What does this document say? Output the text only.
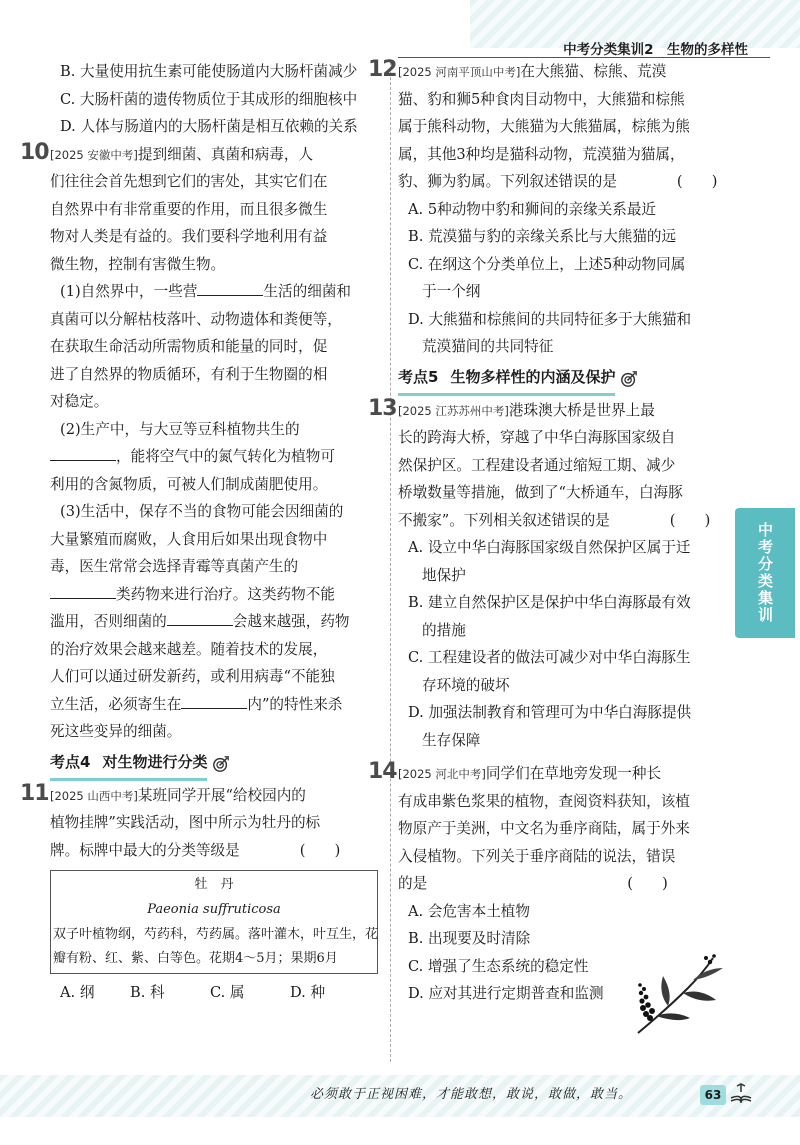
中考分类集训2　生物的多样性
B. 大量使用抗生素可能使肠道内大肠杆菌减少
C. 大肠杆菌的遗传物质位于其成形的细胞核中
D. 人体与肠道内的大肠杆菌是相互依赖的关系
10 [2025 安徽中考]提到细菌、真菌和病毒，人
们往往会首先想到它们的害处，其实它们在
自然界中有非常重要的作用，而且很多微生
物对人类是有益的。我们要科学地利用有益
微生物，控制有害微生物。
(1)自然界中，一些营	生活的细菌和
真菌可以分解枯枝落叶、动物遗体和粪便等，
在获取生命活动所需物质和能量的同时，促
进了自然界的物质循环，有利于生物圈的相
对稳定。
(2)生产中，与大豆等豆科植物共生的
，能将空气中的氮气转化为植物可
利用的含氮物质，可被人们制成菌肥使用。
(3)生活中，保存不当的食物可能会因细菌的
大量繁殖而腐败，人食用后如果出现食物中
毒，医生常常会选择青霉等真菌产生的
类药物来进行治疗。这类药物不能
滥用，否则细菌的	会越来越强，药物
的治疗效果会越来越差。随着技术的发展，
人们可以通过研发新药，或利用病毒“不能独
立生活，必须寄生在	内”的特性来杀
死这些变异的细菌。
考点4 对生物进行分类
11 [2025 山西中考]某班同学开展“给校园内的
植物挂牌”实践活动，图中所示为牡丹的标
牌。标牌中最大的分类等级是	(　　)
牡　丹
Paeonia suffruticosa
双子叶植物纲，芍药科，芍药属。落叶灌木，叶互生，花
瓣有粉、红、紫、白等色。花期4～5月；果期6月
A. 纲	B. 科	C. 属	D. 种
12 [2025 河南平顶山中考]在大熊猫、棕熊、荒漠
猫、豹和狮5种食肉目动物中，大熊猫和棕熊
属于熊科动物，大熊猫为大熊猫属，棕熊为熊
属，其他3种均是猫科动物，荒漠猫为猫属，
豹、狮为豹属。下列叙述错误的是	(　　)
A. 5种动物中豹和狮间的亲缘关系最近
B. 荒漠猫与豹的亲缘关系比与大熊猫的远
C. 在纲这个分类单位上，上述5种动物同属
于一个纲
D. 大熊猫和棕熊间的共同特征多于大熊猫和
荒漠猫间的共同特征
考点5 生物多样性的内涵及保护
13 [2025 江苏苏州中考]港珠澳大桥是世界上最
长的跨海大桥，穿越了中华白海豚国家级自
然保护区。工程建设者通过缩短工期、减少
桥墩数量等措施，做到了“大桥通车，白海豚
不搬家”。下列相关叙述错误的是	(　　)
A. 设立中华白海豚国家级自然保护区属于迁
地保护
B. 建立自然保护区是保护中华白海豚最有效
的措施
C. 工程建设者的做法可减少对中华白海豚生
存环境的破坏
D. 加强法制教育和管理可为中华白海豚提供
生存保障
14 [2025 河北中考]同学们在草地旁发现一种长
有成串紫色浆果的植物，查阅资料获知，该植
物原产于美洲，中文名为垂序商陆，属于外来
入侵植物。下列关于垂序商陆的说法，错误
的是	(　　)
A. 会危害本土植物
B. 出现要及时清除
C. 增强了生态系统的稳定性
D. 应对其进行定期普查和监测
中考分类集训
必须敢于正视困难，才能敢想，敢说，敢做，敢当。	63
